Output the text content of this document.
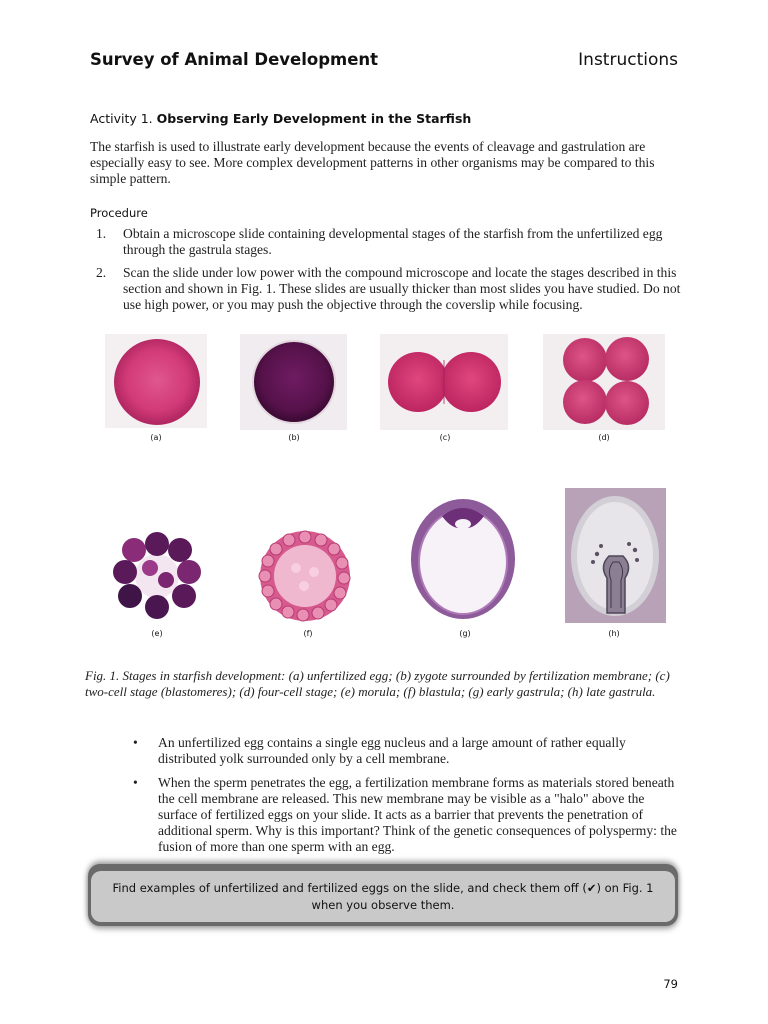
Survey of Animal Development	Instructions
Activity 1. Observing Early Development in the Starfish

The starfish is used to illustrate early development because the events of cleavage and gastrulation are especially easy to see. More complex development patterns in other organisms may be compared to this simple pattern.

Procedure
1. Obtain a microscope slide containing developmental stages of the starfish from the unfertilized egg through the gastrula stages.
2. Scan the slide under low power with the compound microscope and locate the stages described in this section and shown in Fig. 1. These slides are usually thicker than most slides you have studied. Do not use high power, or you may push the objective through the coverslip while focusing.
(a)	(b)	(c)	(d)
(e)	(f)	(g)	(h)

Fig. 1. Stages in starfish development: (a) unfertilized egg; (b) zygote surrounded by fertilization membrane; (c) two-cell stage (blastomeres); (d) four-cell stage; (e) morula; (f) blastula; (g) early gastrula; (h) late gastrula.

• An unfertilized egg contains a single egg nucleus and a large amount of rather equally distributed yolk surrounded only by a cell membrane.
• When the sperm penetrates the egg, a fertilization membrane forms as materials stored beneath the cell membrane are released. This new membrane may be visible as a "halo" above the surface of fertilized eggs on your slide. It acts as a barrier that prevents the penetration of additional sperm. Why is this important? Think of the genetic consequences of polyspermy: the fusion of more than one sperm with an egg.
Find examples of unfertilized and fertilized eggs on the slide, and check them off (✔) on Fig. 1 when you observe them.
79
